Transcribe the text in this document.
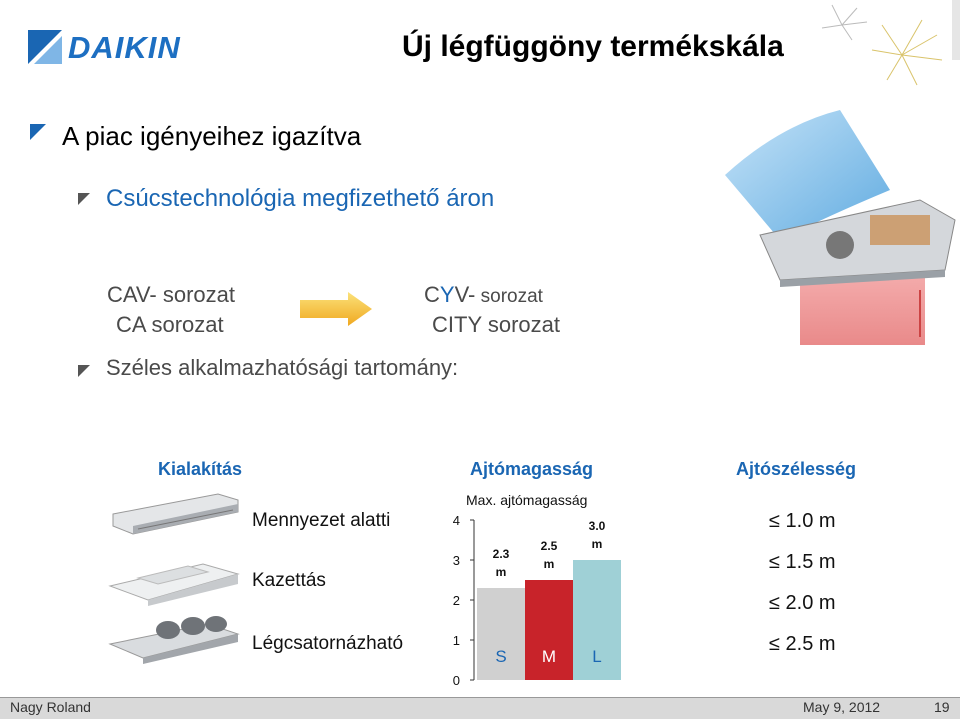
DAIKIN	Új légfüggöny termékskála
A piac igényeihez igazítva
Csúcstechnológia megfizethető áron
CAV- sorozat
CA sorozat
CYV- sorozat
CITY sorozat
Széles alkalmazhatósági tartomány:
Kialakítás	Ajtómagasság	Ajtószélesség
Mennyezet alatti
Kazettás
Légcsatornázható
Max. ajtómagasság
0
1
2
3
4
S
2.3
m
M
2.5
m
L
3.0
m
≤ 1.0 m
≤ 1.5 m
≤ 2.0 m
≤ 2.5 m
Nagy Roland	May 9, 2012	19
